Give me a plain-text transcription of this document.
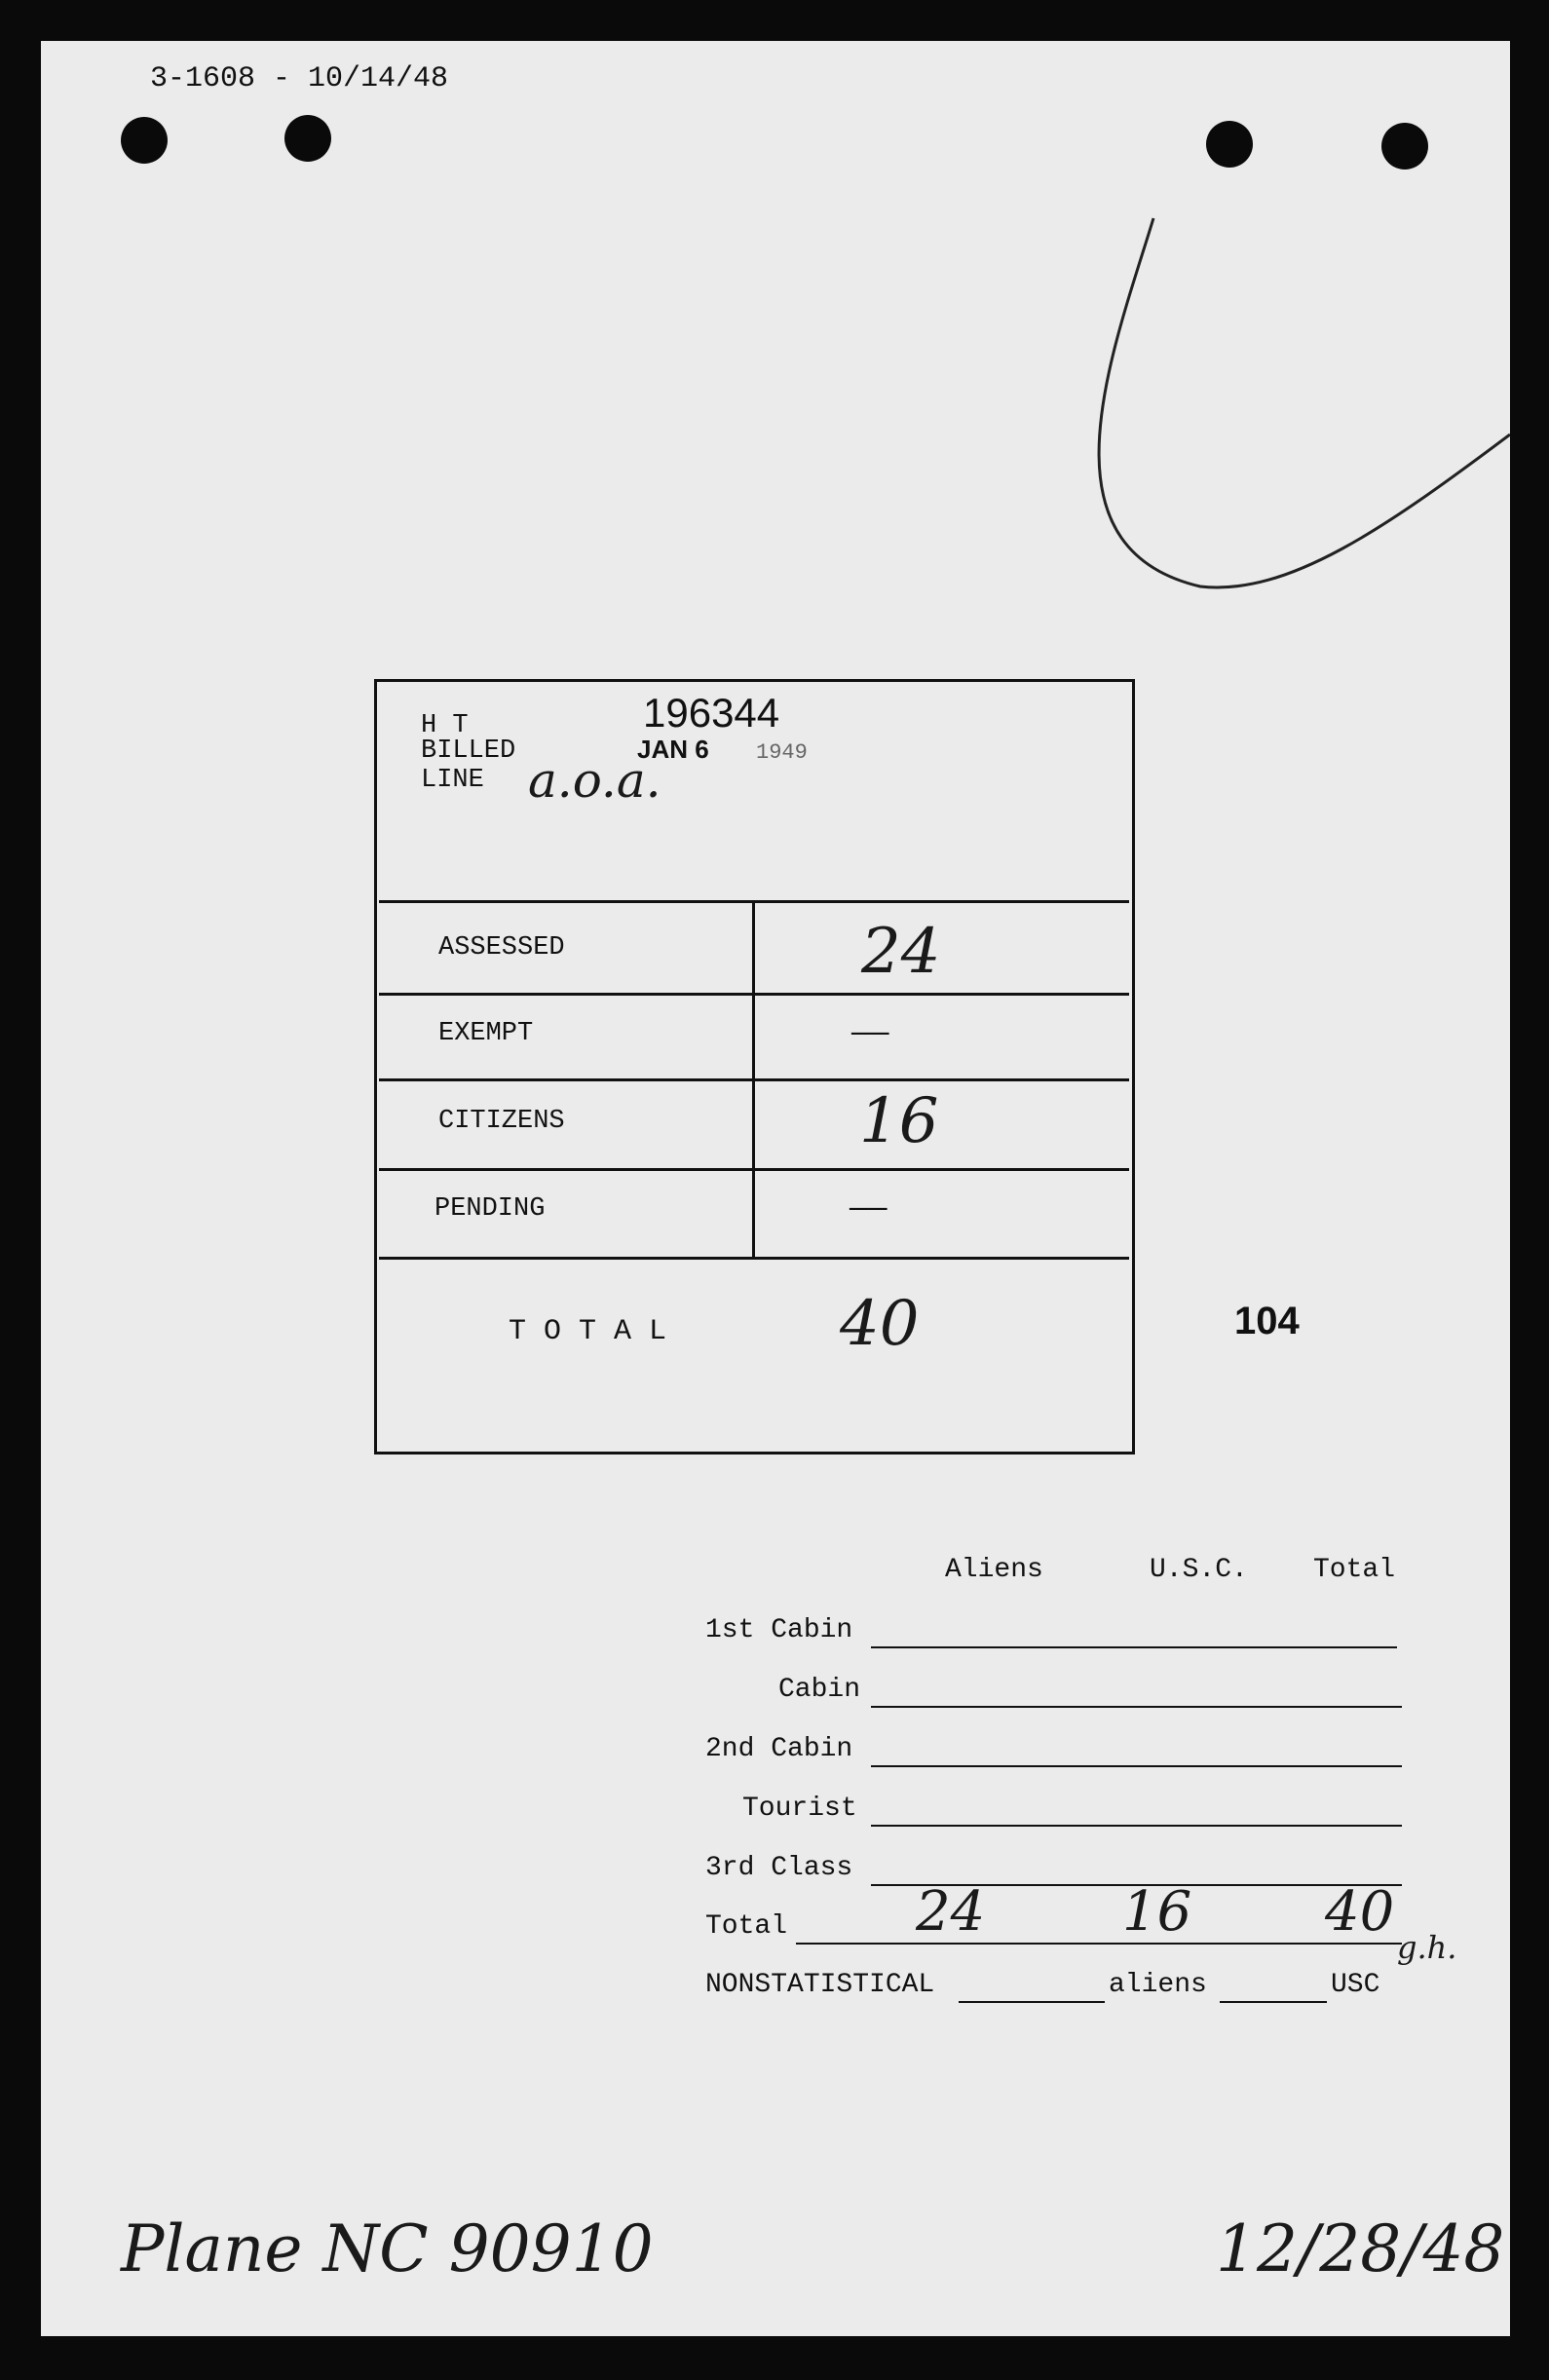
3-1608 - 10/14/48
H T
BILLED
LINE
196344
JAN 6 1949
a.o.a.
ASSESSED	24
EXEMPT	——
CITIZENS	16
PENDING	——
T O T A L	40	104
Aliens	U.S.C. Total
1st Cabin
Cabin
2nd Cabin
Tourist
3rd Class
Total 24	16 40
g.h.
NONSTATISTICAL	aliens	USC
Plane NC 90910	12/28/48
